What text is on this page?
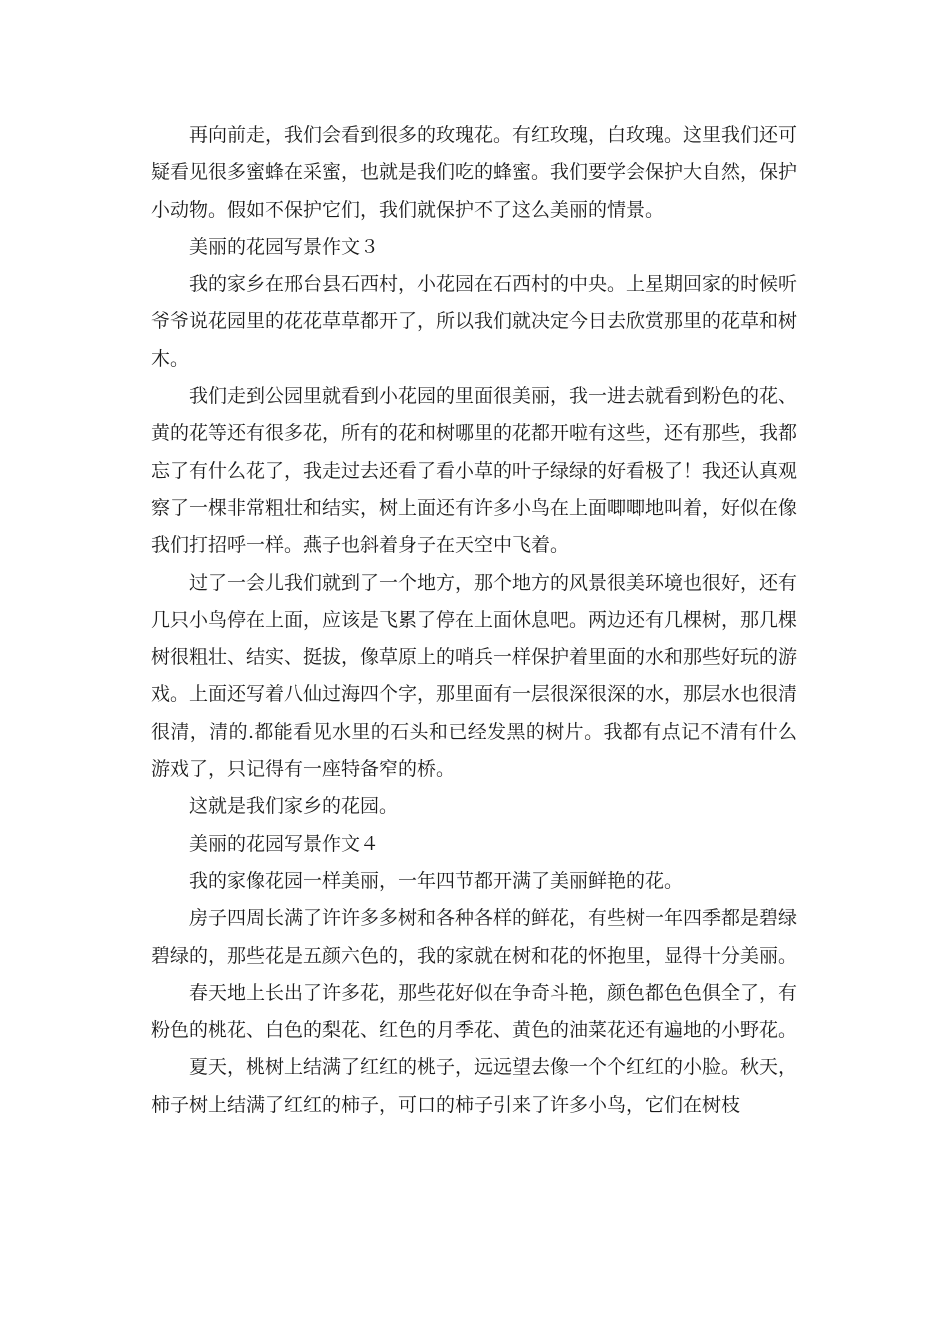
再向前走，我们会看到很多的玫瑰花。有红玫瑰，白玫瑰。这里我们还可疑看见很多蜜蜂在采蜜，也就是我们吃的蜂蜜。我们要学会保护大自然，保护小动物。假如不保护它们，我们就保护不了这么美丽的情景。

美丽的花园写景作文３

我的家乡在邢台县石西村，小花园在石西村的中央。上星期回家的时候听爷爷说花园里的花花草草都开了，所以我们就决定今日去欣赏那里的花草和树木。

我们走到公园里就看到小花园的里面很美丽，我一进去就看到粉色的花、黄的花等还有很多花，所有的花和树哪里的花都开啦有这些，还有那些，我都忘了有什么花了，我走过去还看了看小草的叶子绿绿的好看极了！我还认真观察了一棵非常粗壮和结实，树上面还有许多小鸟在上面唧唧地叫着，好似在像我们打招呼一样。燕子也斜着身子在天空中飞着。

过了一会儿我们就到了一个地方，那个地方的风景很美环境也很好，还有几只小鸟停在上面，应该是飞累了停在上面休息吧。两边还有几棵树，那几棵树很粗壮、结实、挺拔，像草原上的哨兵一样保护着里面的水和那些好玩的游戏。上面还写着八仙过海四个字，那里面有一层很深很深的水，那层水也很清很清，清的.都能看见水里的石头和已经发黑的树片。我都有点记不清有什么游戏了，只记得有一座特备窄的桥。

这就是我们家乡的花园。

美丽的花园写景作文４

我的家像花园一样美丽，一年四节都开满了美丽鲜艳的花。

房子四周长满了许许多多树和各种各样的鲜花，有些树一年四季都是碧绿碧绿的，那些花是五颜六色的，我的家就在树和花的怀抱里，显得十分美丽。

春天地上长出了许多花，那些花好似在争奇斗艳，颜色都色色俱全了，有粉色的桃花、白色的梨花、红色的月季花、黄色的油菜花还有遍地的小野花。

夏天，桃树上结满了红红的桃子，远远望去像一个个红红的小脸。秋天，柿子树上结满了红红的柿子，可口的柿子引来了许多小鸟，它们在树枝
